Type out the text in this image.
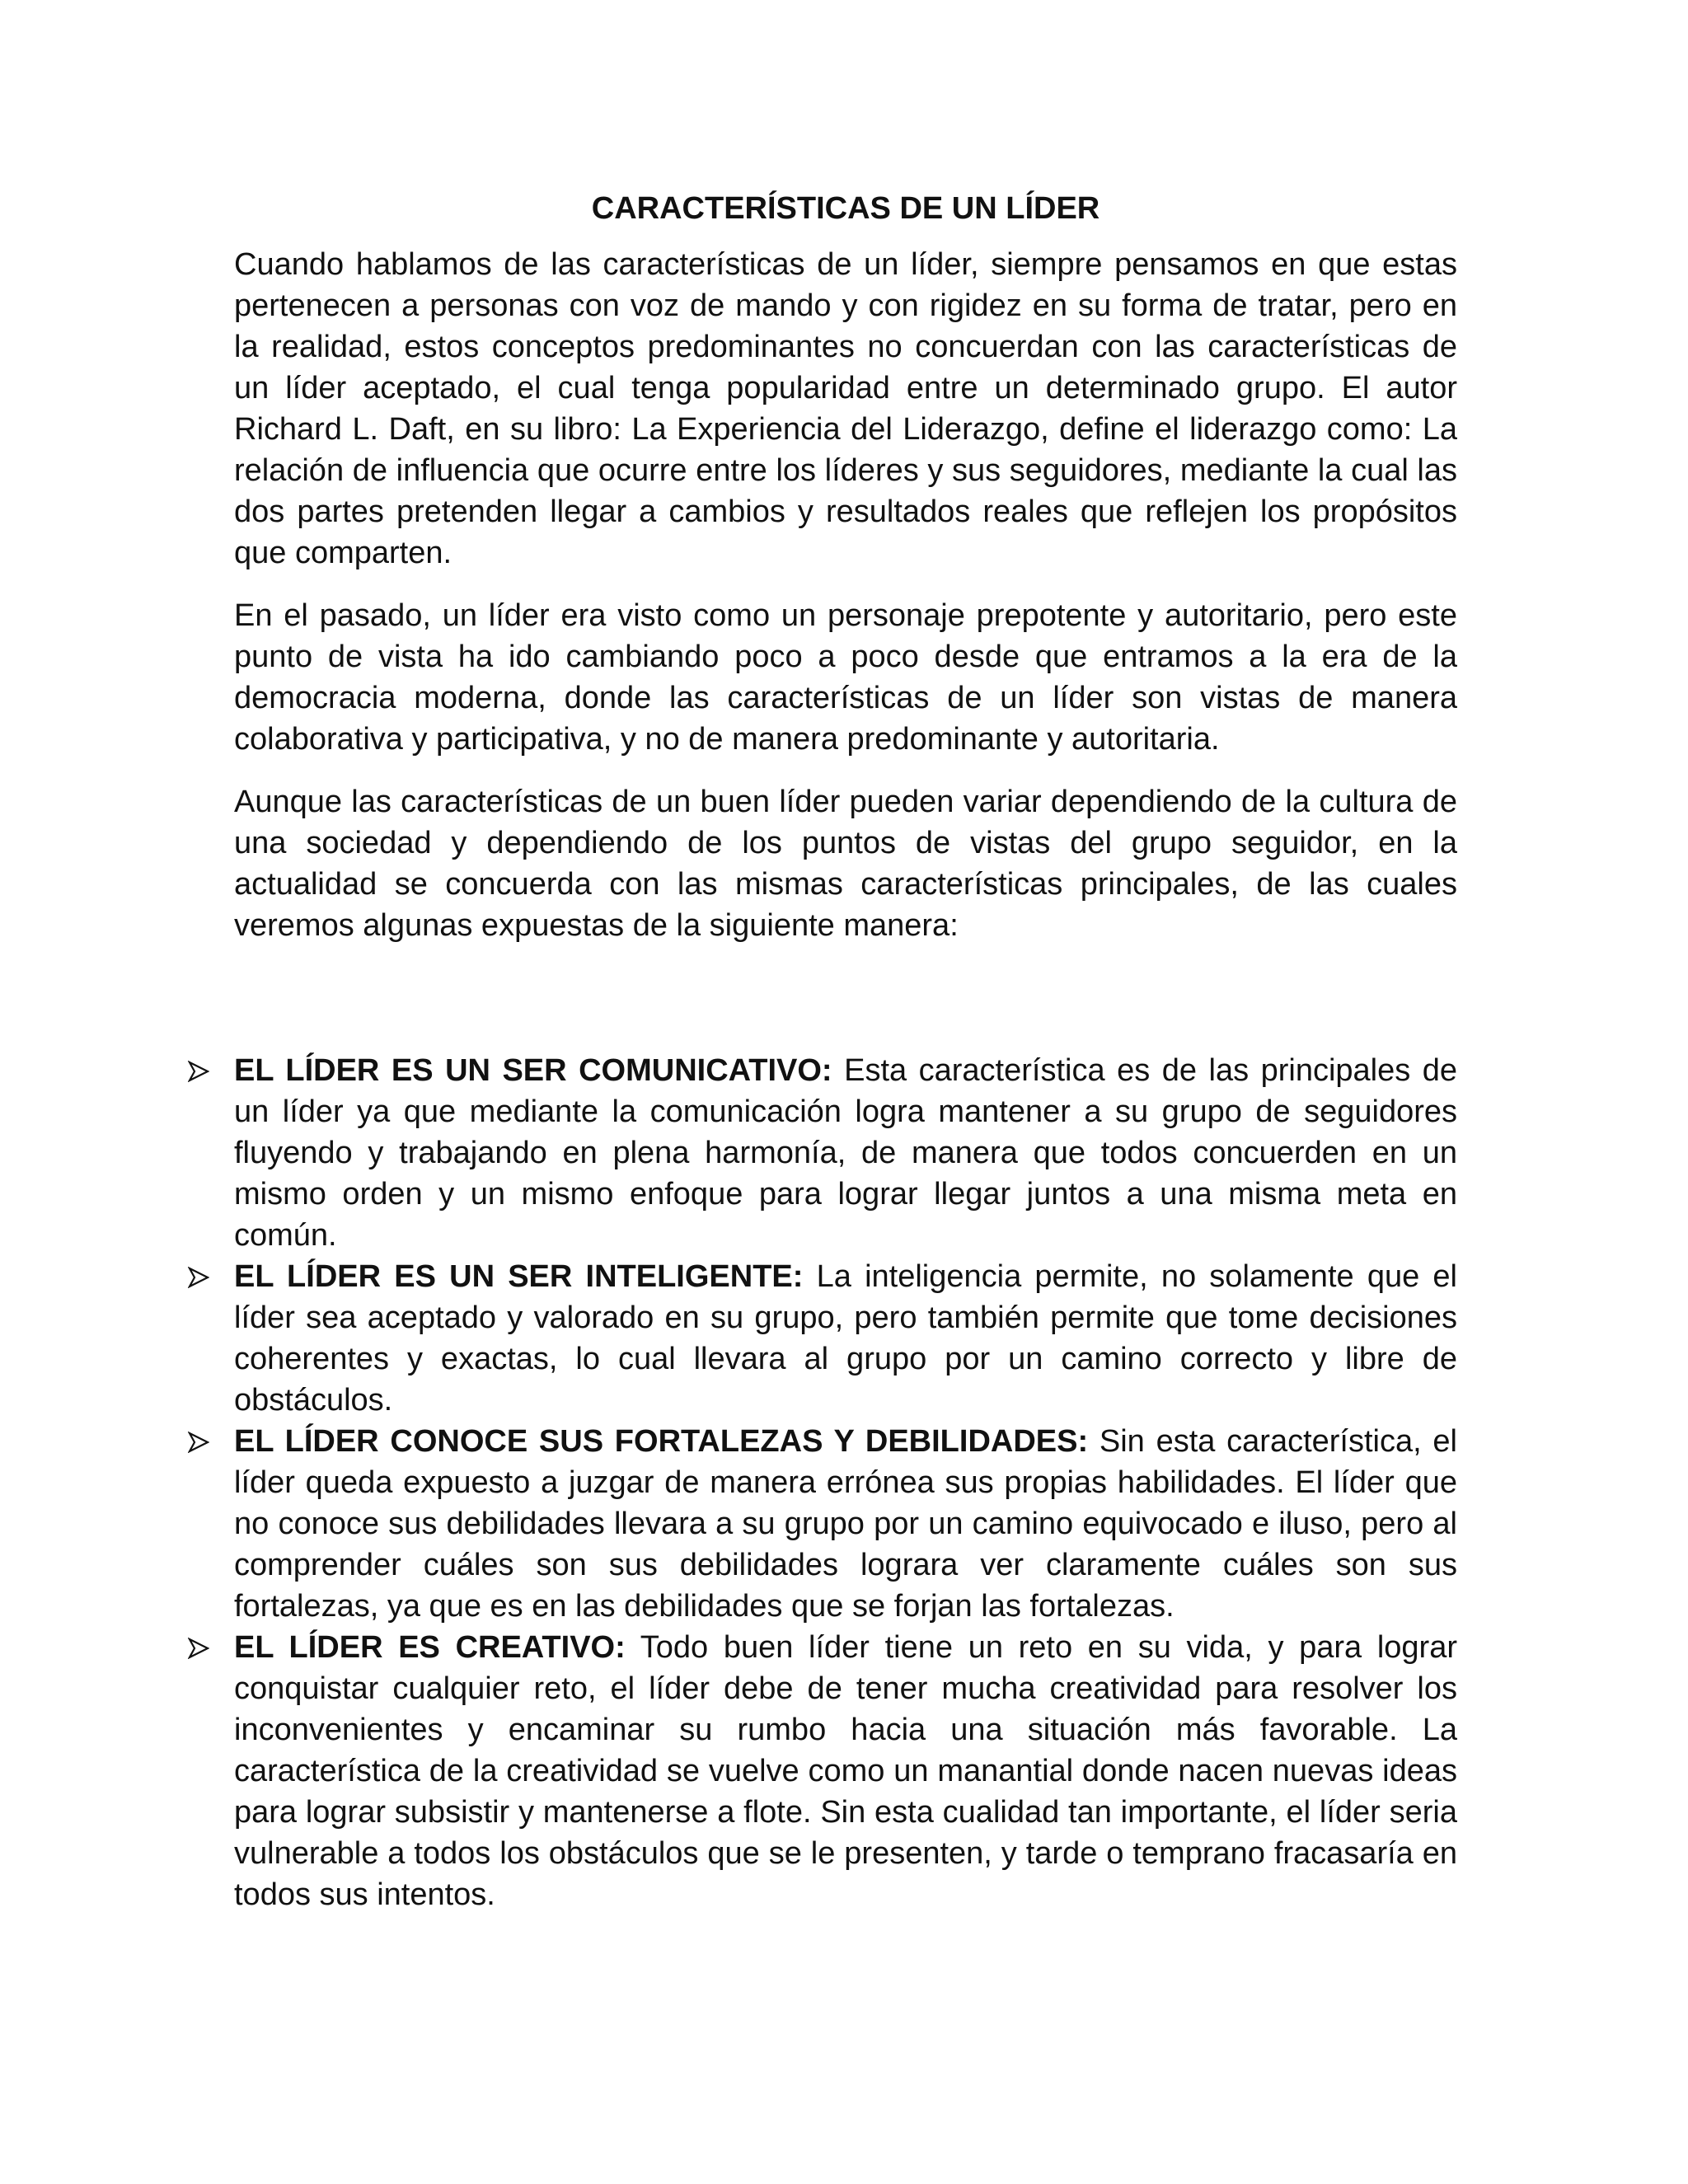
CARACTERÍSTICAS DE UN LÍDER

Cuando hablamos de las características de un líder, siempre pensamos en que estas pertenecen a personas con voz de mando y con rigidez en su forma de tratar, pero en la realidad, estos conceptos predominantes no concuerdan con las características de un líder aceptado, el cual tenga popularidad entre un determinado grupo. El autor Richard L. Daft, en su libro: La Experiencia del Liderazgo, define el liderazgo como: La relación de influencia que ocurre entre los líderes y sus seguidores, mediante la cual las dos partes pretenden llegar a cambios y resultados reales que reflejen los propósitos que comparten.

En el pasado, un líder era visto como un personaje prepotente y autoritario, pero este punto de vista ha ido cambiando poco a poco desde que entramos a la era de la democracia moderna, donde las características de un líder son vistas de manera colaborativa y participativa, y no de manera predominante y autoritaria.

Aunque las características de un buen líder pueden variar dependiendo de la cultura de una sociedad y dependiendo de los puntos de vistas del grupo seguidor, en la actualidad se concuerda con las mismas características principales, de las cuales veremos algunas expuestas de la siguiente manera:

EL LÍDER ES UN SER COMUNICATIVO: Esta característica es de las principales de un líder ya que mediante la comunicación logra mantener a su grupo de seguidores fluyendo y trabajando en plena harmonía, de manera que todos concuerden en un mismo orden y un mismo enfoque para lograr llegar juntos a una misma meta en común.
EL LÍDER ES UN SER INTELIGENTE: La inteligencia permite, no solamente que el líder sea aceptado y valorado en su grupo, pero también permite que tome decisiones coherentes y exactas, lo cual llevara al grupo por un camino correcto y libre de obstáculos.
EL LÍDER CONOCE SUS FORTALEZAS Y DEBILIDADES: Sin esta característica, el líder queda expuesto a juzgar de manera errónea sus propias habilidades. El líder que no conoce sus debilidades llevara a su grupo por un camino equivocado e iluso, pero al comprender cuáles son sus debilidades lograra ver claramente cuáles son sus fortalezas, ya que es en las debilidades que se forjan las fortalezas.
EL LÍDER ES CREATIVO: Todo buen líder tiene un reto en su vida, y para lograr conquistar cualquier reto, el líder debe de tener mucha creatividad para resolver los inconvenientes y encaminar su rumbo hacia una situación más favorable. La característica de la creatividad se vuelve como un manantial donde nacen nuevas ideas para lograr subsistir y mantenerse a flote. Sin esta cualidad tan importante, el líder seria vulnerable a todos los obstáculos que se le presenten, y tarde o temprano fracasaría en todos sus intentos.
